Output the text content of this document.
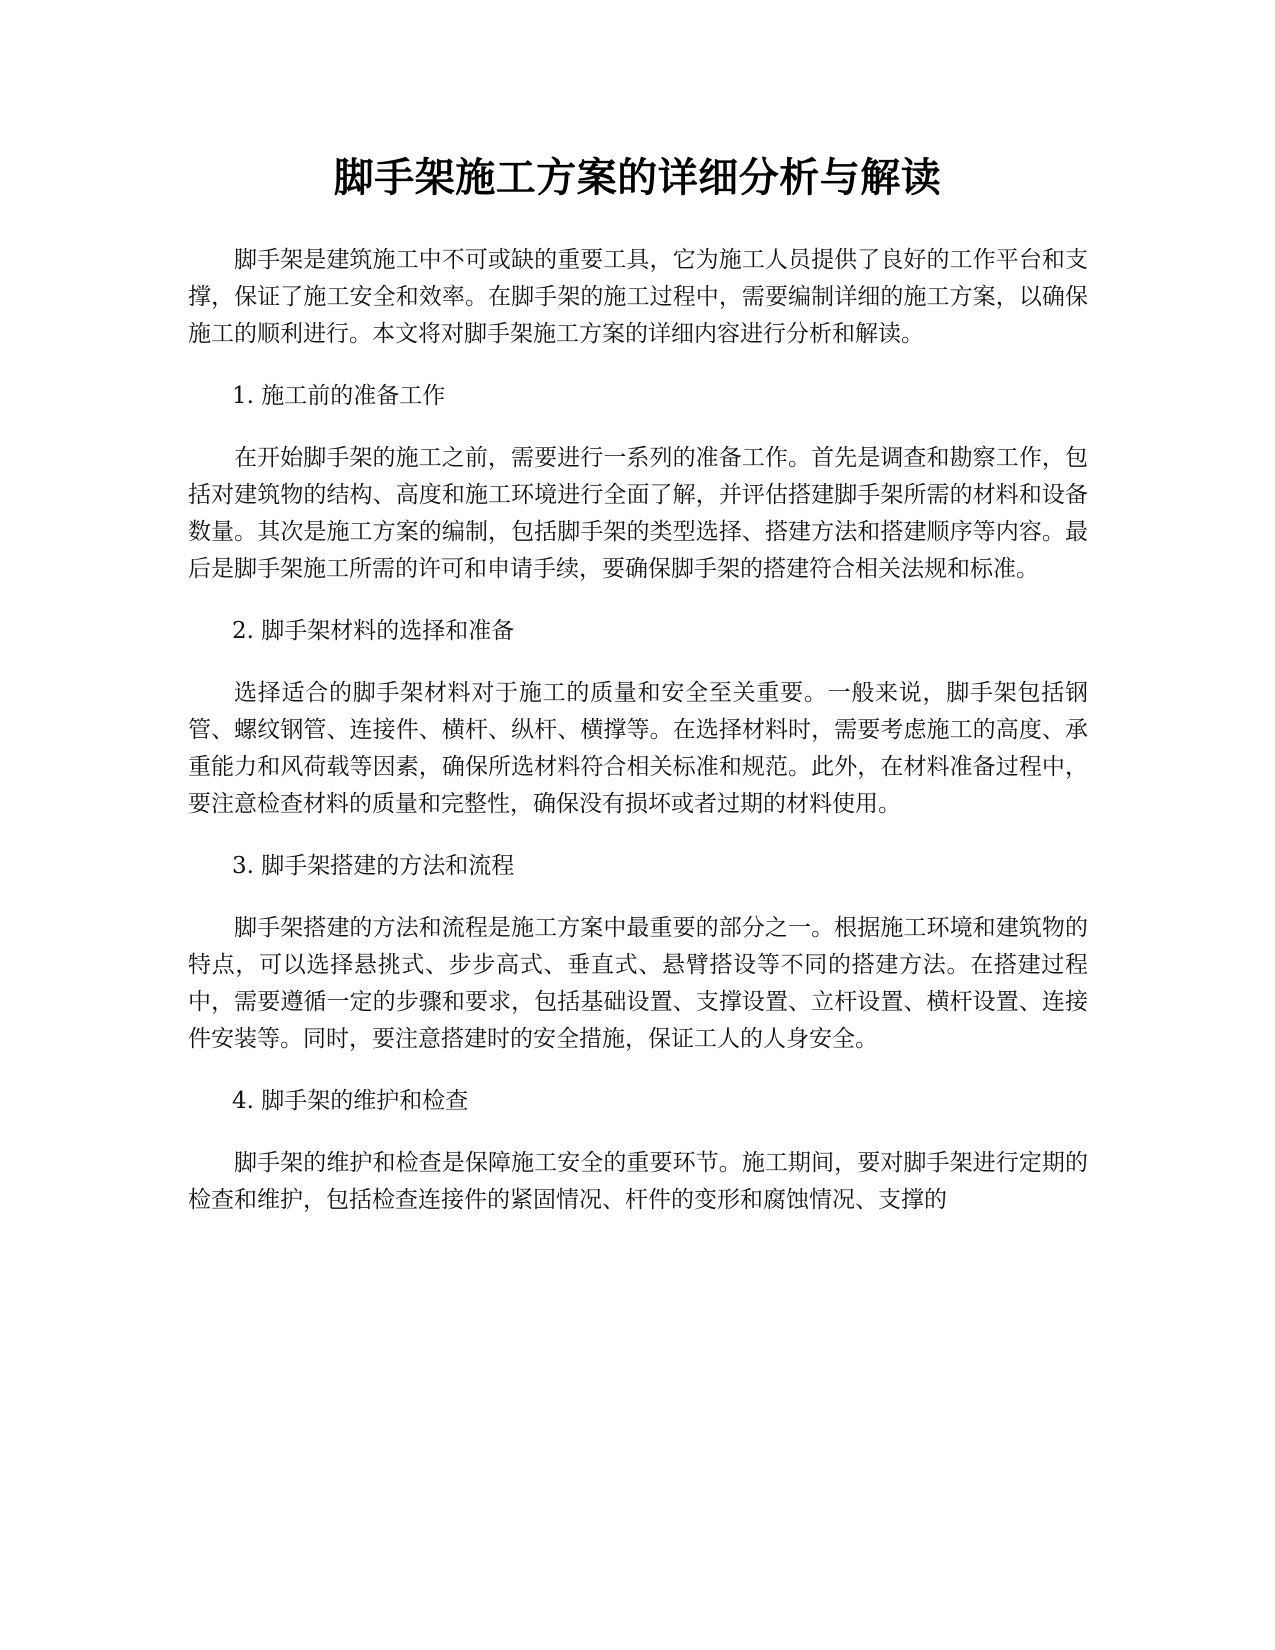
脚手架施工方案的详细分析与解读

脚手架是建筑施工中不可或缺的重要工具，它为施工人员提供了良好的工作平台和支撑，保证了施工安全和效率。在脚手架的施工过程中，需要编制详细的施工方案，以确保施工的顺利进行。本文将对脚手架施工方案的详细内容进行分析和解读。

1. 施工前的准备工作

在开始脚手架的施工之前，需要进行一系列的准备工作。首先是调查和勘察工作，包括对建筑物的结构、高度和施工环境进行全面了解，并评估搭建脚手架所需的材料和设备数量。其次是施工方案的编制，包括脚手架的类型选择、搭建方法和搭建顺序等内容。最后是脚手架施工所需的许可和申请手续，要确保脚手架的搭建符合相关法规和标准。

2. 脚手架材料的选择和准备

选择适合的脚手架材料对于施工的质量和安全至关重要。一般来说，脚手架包括钢管、螺纹钢管、连接件、横杆、纵杆、横撑等。在选择材料时，需要考虑施工的高度、承重能力和风荷载等因素，确保所选材料符合相关标准和规范。此外，在材料准备过程中，要注意检查材料的质量和完整性，确保没有损坏或者过期的材料使用。

3. 脚手架搭建的方法和流程

脚手架搭建的方法和流程是施工方案中最重要的部分之一。根据施工环境和建筑物的特点，可以选择悬挑式、步步高式、垂直式、悬臂搭设等不同的搭建方法。在搭建过程中，需要遵循一定的步骤和要求，包括基础设置、支撑设置、立杆设置、横杆设置、连接件安装等。同时，要注意搭建时的安全措施，保证工人的人身安全。

4. 脚手架的维护和检查

脚手架的维护和检查是保障施工安全的重要环节。施工期间，要对脚手架进行定期的检查和维护，包括检查连接件的紧固情况、杆件的变形和腐蚀情况、支撑的
